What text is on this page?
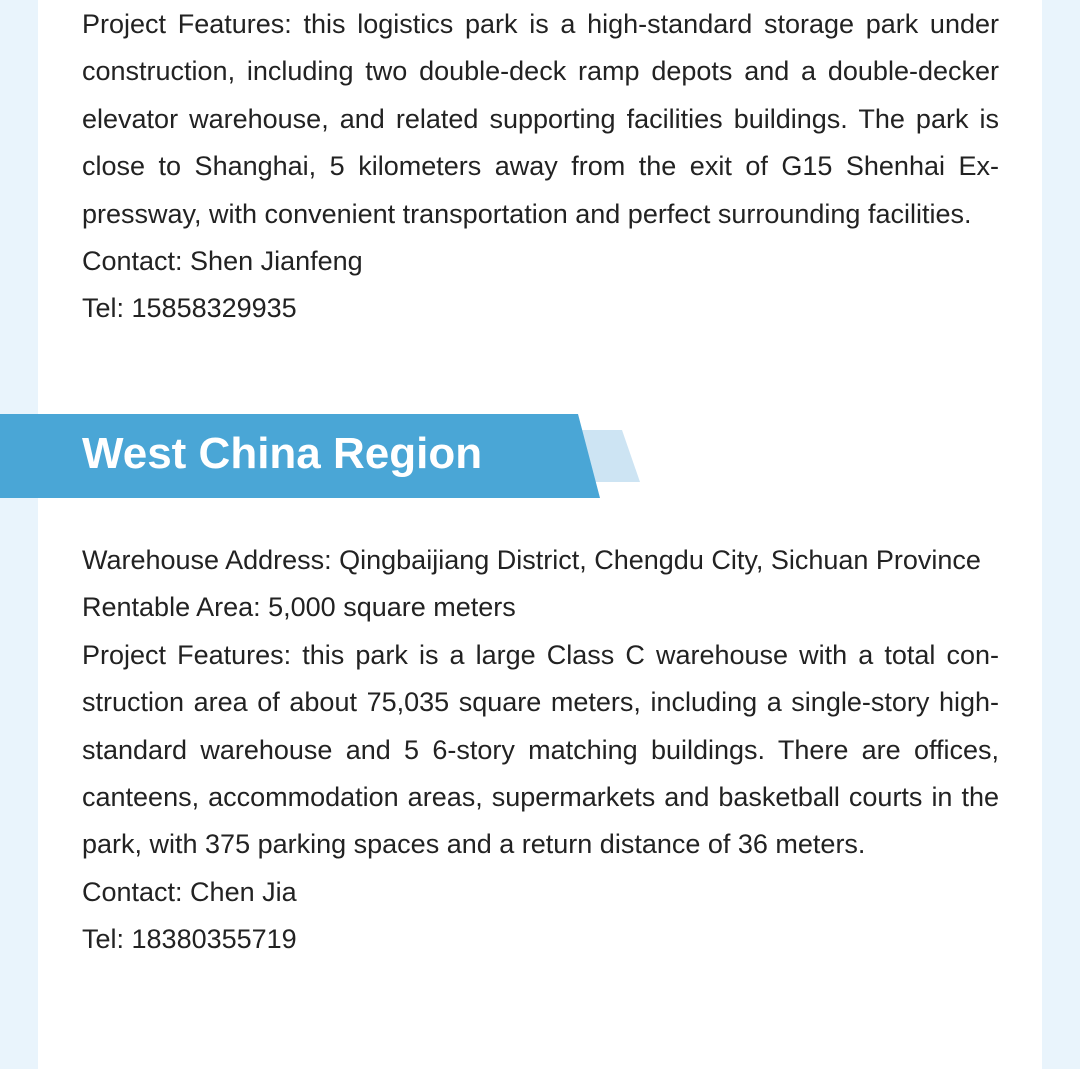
Project Features: this logistics park is a high-standard storage park under construction, including two double-deck ramp depots and a double-decker elevator warehouse, and related supporting facilities buildings. The park is close to Shanghai, 5 kilometers away from the exit of G15 Shenhai Expressway, with convenient transportation and perfect surrounding facilities.

Contact: Shen Jianfeng

Tel: 15858329935

West China Region

Warehouse Address: Qingbaijiang District, Chengdu City, Sichuan Province

Rentable Area: 5,000 square meters

Project Features: this park is a large Class C warehouse with a total construction area of about 75,035 square meters, including a single-story high-standard warehouse and 5 6-story matching buildings. There are offices, canteens, accommodation areas, supermarkets and basketball courts in the park, with 375 parking spaces and a return distance of 36 meters.

Contact: Chen Jia

Tel: 18380355719
